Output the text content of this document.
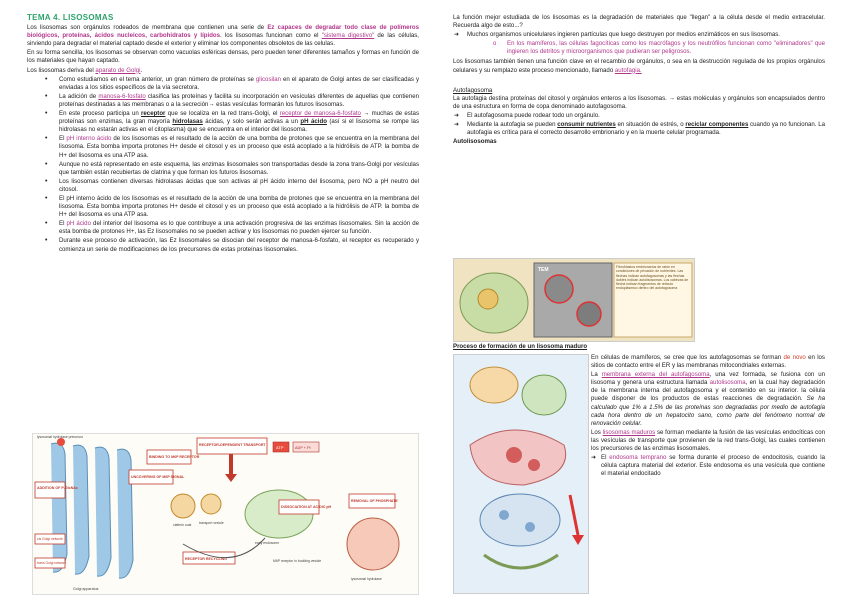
TEMA 4. LISOSOMAS

Los lisosomas son orgánulos rodeados de membrana que contienen una serie de Ez capaces de degradar todo clase de polímeros biológicos, proteínas, ácidos nucleicos, carbohidratos y lípidos. los lisosomas funcionan como el "sistema digestivo" de las células, sirviendo para degradar el material captado desde el exterior y eliminar los componentes obsoletos de las celulas.

En su forma sencilla, los lisosomas se observan como vacuolas esféricas densas, pero pueden tener diferentes tamaños y formas en función de los materiales que hayan captado.

Los lisosomas deriva del aparato de Golgi.

• Como estudiamos en el tema anterior, un gran número de proteínas se glicosilan en el aparato de Golgi antes de ser clasificadas y enviadas a los sitios específicos de la vía secretora.
• La adición de manosa-6-fosfato clasifica las proteínas y facilita su incorporación en vesículas diferentes de aquellas que contienen proteínas destinadas a las membranas o a la secreción→ estas vesículas formarán los futuros lisosomas.
• En este proceso participa un receptor que se localiza en la red trans-Golgi, el receptor de manosa-6-fosfato → muchas de estas proteínas son enzimas, la gran mayoría hidrolasas ácidas, y solo serán activas a un pH ácido (así si el lisosoma se rompe las hidrolasas no estarán activas en el citoplasma) que se encuentra en el interior del lisosoma.
• El pH interno ácido de los lisosomas es el resultado de la acción de una bomba de protones que se encuentra en la membrana del lisosoma. Esta bomba importa protones H+ desde el citosol y es un proceso que está acoplado a la hidrólisis de ATP. la bomba de H+ del lisosoma es una ATP asa.
• Aunque no está representado en este esquema, las enzimas lisosomales son transportadas desde la zona trans-Golgi por vesículas que también están recubiertas de clatrina y que forman los futuros lisosomas.
• Los lisosomas contienen diversas hidrolasas ácidas que son activas al pH ácido interno del lisosoma, pero NO a pH neutro del citosol.
• El pH interno ácido de los lisosomas es el resultado de la acción de una bomba de protones que se encuentra en la membrana del lisosoma. Esta bomba importa protones H+ desde el citosol y es un proceso que está acoplado a la hidrólisis de ATP. la bomba de H+ del lisosoma es una ATP asa.
• El pH ácido del interior del lisosoma es lo que contribuye a una activación progresiva de las enzimas lisosomales. Sin la acción de esta bomba de protones H+, las Ez lisosomales no se pueden activar y los lisosomas no pueden ejercer su función.
• Durante ese proceso de activación, las Ez lisosomales se disocian del receptor de manosa-6-fosfato, el receptor es recuperado y comienza un serie de modificaciones de los precursores de estas proteínas lisosomales.
ADDITION OF P-GlcNAc
UNCOVERING OF M6P SIGNAL
BINDING TO M6P RECEPTOR
RECEPTOR-DEPENDENT TRANSPORT
clathrin coat transport vesicle
early endosome
ATP	ADP + Pi
DISSOCIATION AT ACIDIC pH
REMOVAL OF PHOSPHATE
lysosomal hydrolase
RECEPTOR RECYCLING	M6P receptor in budding vesicle
cis Golgi network
trans Golgi network
Golgi apparatus
lysosomal hydrolase precursor

La función mejor estudiada de los lisosomas es la degradación de materiales que "llegan" a la célula desde el medio extracelular. Recuerda algo de esto...?

➜ Muchos organismos unicelulares ingieren partículas que luego destruyen por medios enzimáticos en sus lisosomas.
o En los mamíferos, las células fagocíticas como los macrófagos y los neutrófilos funcionan como "eliminadores" que ingieren los detritos y microorganismos que pudieran ser peligrosos.

Los lisosomas también tienen una función clave en el recambio de orgánulos, o sea en la destrucción regulada de los propios orgánulos celulares y su remplazo este proceso mencionado, llamado autofagia.

Autofagosoma

La autofagia destina proteínas del citosol y orgánulos enteros a los lisosomas. → estas moléculas y orgánulos son encapsulados dentro de una estructura en forma de copa denominado autofagosoma.

➜ El autofagosoma puede rodear todo un orgánulo.
➜ Mediante la autofagia se pueden consumir nutrientes en situación de estrés, o reciclar componentes cuando ya no funcionan. La autofagia es crítica para el correcto desarrollo embrionario y en la muerte celular programada.
Autolisosomas
TEM	Fibroblastos embrionarios de ratón en condiciones de privación de nutrientes. Las flechas indican autofagosomas y las flechas dobles indican autolisosomas. Los cabezas de flecha indican fragmentos de retículo endoplásmico dentro del autofagosoma
Proceso de formación de un lisosoma maduro

En células de mamíferos, se cree que los autofagosomas se forman de novo en los sitios de contacto entre el ER y las membranas mitocondriales externas.

La membrana externa del autofagosoma, una vez formada, se fusiona con un lisosoma y genera una estructura llamada autolisosoma, en la cual hay degradación de la membrana interna del autofagosoma y el contenido en su interior. la célula puede disponer de los productos de estas reacciones de degradación. Se ha calculado que 1% a 1.5% de las proteínas son degradadas por medio de autofagia cada hora dentro de un hepatocito sano, como parte del fenómeno normal de renovación celular.

Los lisosomas maduros se forman mediante la fusión de las vesículas endocíticas con las vesículas de transporte que provienen de la red trans-Golgi, las cuales contienen los precursores de las enzimas lisosomales.

➜ El endosoma temprano se forma durante el proceso de endocitosis, cuando la célula captura material del exterior. Este endosoma es una vesícula que contiene el material endocitado
